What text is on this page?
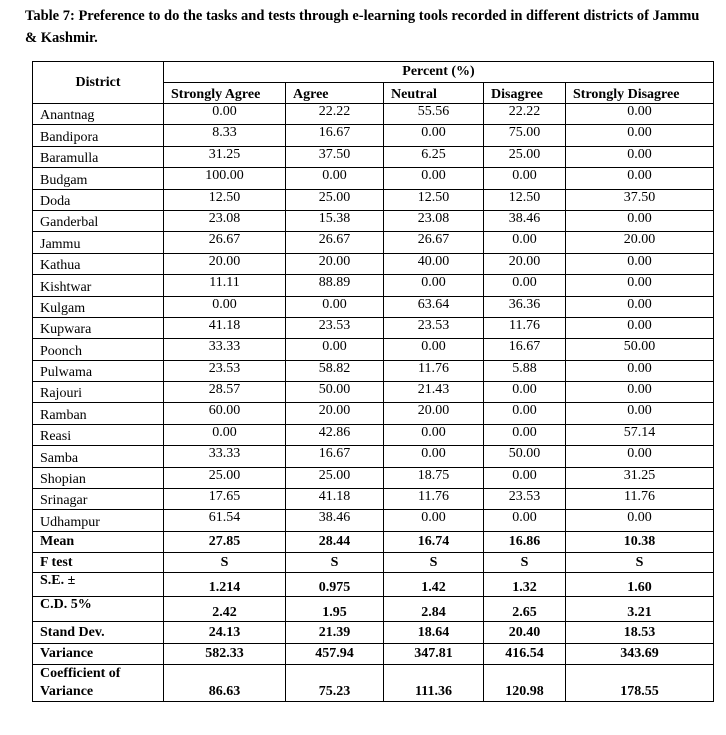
Table 7: Preference to do the tasks and tests through e-learning tools recorded in different districts of Jammu & Kashmir.
District	Percent (%)				
	Strongly Agree	Agree	Neutral	Disagree	Strongly Disagree
Anantnag	0.00	22.22	55.56	22.22	0.00
Bandipora	8.33	16.67	0.00	75.00	0.00
Baramulla	31.25	37.50	6.25	25.00	0.00
Budgam	100.00	0.00	0.00	0.00	0.00
Doda	12.50	25.00	12.50	12.50	37.50
Ganderbal	23.08	15.38	23.08	38.46	0.00
Jammu	26.67	26.67	26.67	0.00	20.00
Kathua	20.00	20.00	40.00	20.00	0.00
Kishtwar	11.11	88.89	0.00	0.00	0.00
Kulgam	0.00	0.00	63.64	36.36	0.00
Kupwara	41.18	23.53	23.53	11.76	0.00
Poonch	33.33	0.00	0.00	16.67	50.00
Pulwama	23.53	58.82	11.76	5.88	0.00
Rajouri	28.57	50.00	21.43	0.00	0.00
Ramban	60.00	20.00	20.00	0.00	0.00
Reasi	0.00	42.86	0.00	0.00	57.14
Samba	33.33	16.67	0.00	50.00	0.00
Shopian	25.00	25.00	18.75	0.00	31.25
Srinagar	17.65	41.18	11.76	23.53	11.76
Udhampur	61.54	38.46	0.00	0.00	0.00
Mean	27.85	28.44	16.74	16.86	10.38
F test	S	S	S	S	S
S.E. ±	1.214	0.975	1.42	1.32	1.60
C.D. 5%	2.42	1.95	2.84	2.65	3.21
Stand Dev.	24.13	21.39	18.64	20.40	18.53
Variance	582.33	457.94	347.81	416.54	343.69
Coefficient of Variance	86.63	75.23	111.36	120.98	178.55
